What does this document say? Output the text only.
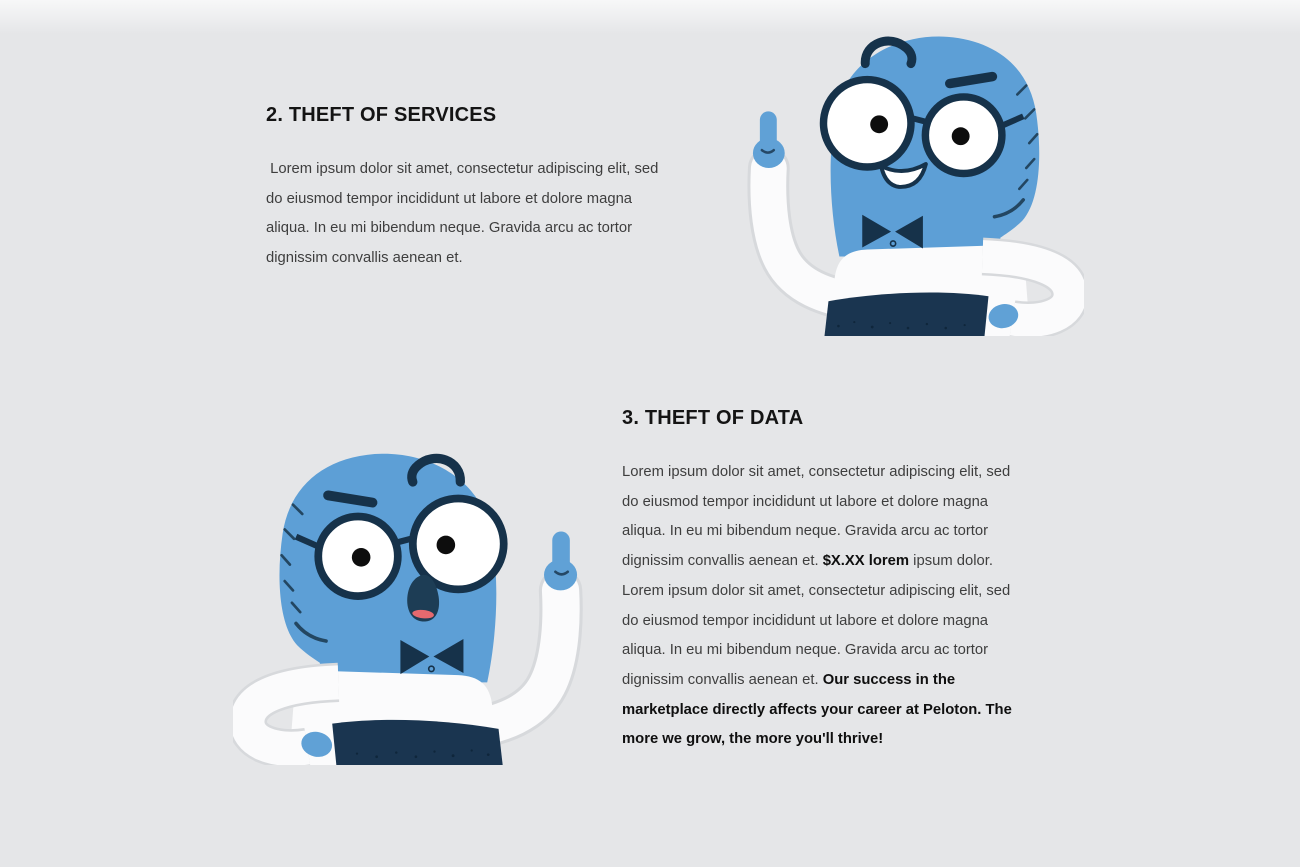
2. THEFT OF SERVICES

Lorem ipsum dolor sit amet, consectetur adipiscing elit, sed do eiusmod tempor incididunt ut labore et dolore magna aliqua. In eu mi bibendum neque. Gravida arcu ac tortor dignissim convallis aenean et.

3. THEFT OF DATA

Lorem ipsum dolor sit amet, consectetur adipiscing elit, sed do eiusmod tempor incididunt ut labore et dolore magna aliqua. In eu mi bibendum neque. Gravida arcu ac tortor dignissim convallis aenean et. $X.XX lorem ipsum dolor. Lorem ipsum dolor sit amet, consectetur adipiscing elit, sed do eiusmod tempor incididunt ut labore et dolore magna aliqua. In eu mi bibendum neque. Gravida arcu ac tortor dignissim convallis aenean et. Our success in the marketplace directly affects your career at Peloton. The more we grow, the more you'll thrive!
